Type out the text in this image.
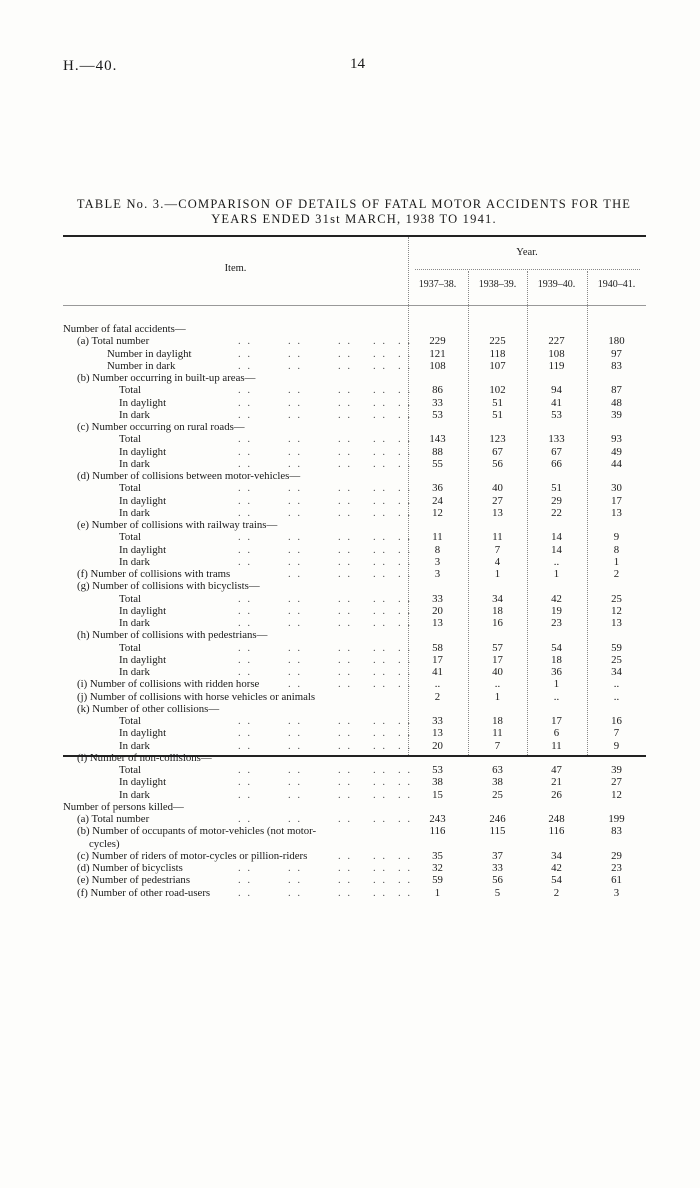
H.—40.	14
TABLE No. 3.—COMPARISON OF DETAILS OF FATAL MOTOR ACCIDENTS FOR THE
YEARS ENDED 31st MARCH, 1938 TO 1941.
Item.
Year.
1937–38.	1938–39.	1939–40.	1940–41.
Number of fatal accidents—
(a) Total number	229	225	227	180
. .	. .	. . . . . .
Number in daylight	121	118	108	97
. .	. .	. . . . . .
Number in dark	108	107	119	83
. .	. .	. . . . . .
(b) Number occurring in built-up areas—
Total	86	102	94	87
. .	. .	. . . . . .
In daylight	33	51	41	48
. .	. .	. . . . . .
In dark	53	51	53	39
. .	. .	. . . . . .
(c) Number occurring on rural roads—
Total	143	123	133	93
. .	. .	. . . . . .
In daylight	88	67	67	49
. .	. .	. . . . . .
In dark	55	56	66	44
. .	. .	. . . . . .
(d) Number of collisions between motor-vehicles—
Total	36	40	51	30
. .	. .	. . . . . .
In daylight	24	27	29	17
. .	. .	. . . . . .
In dark	12	13	22	13
. .	. .	. . . . . .
(e) Number of collisions with railway trains—
Total	11	11	14	9
. .	. .	. . . . . .
In daylight	8	7	14	8
. .	. .	. . . . . .
In dark	3	4	..	1
. .	. .	. . . . . .
(f) Number of collisions with trams	3	1	1	2
. .	. . . . . .
(g) Number of collisions with bicyclists—
Total	33	34	42	25
. .	. .	. . . . . .
In daylight	20	18	19	12
. .	. .	. . . . . .
In dark	13	16	23	13
. .	. .	. . . . . .
(h) Number of collisions with pedestrians—
Total	58	57	54	59
. .	. .	. . . . . .
In daylight	17	17	18	25
. .	. .	. . . . . .
In dark	41	40	36	34
. .	. .	. . . . . .
(i) Number of collisions with ridden horse	..	..	1	..
. .	. . . . . .
(j) Number of collisions with horse vehicles or animals	2	1	..	..
(k) Number of other collisions—
Total	33	18	17	16
. .	. .	. . . . . .
In daylight	13	11	6	7
. .	. .	. . . . . .
In dark	20	7	11	9
. .	. .	. . . . . .
(l) Number of non-collisions—
Total	53	63	47	39
. .	. .	. . . . . .
In daylight	38	38	21	27
. .	. .	. . . . . .
In dark	15	25	26	12
. .	. .	. . . . . .
Number of persons killed—
(a) Total number	243	246	248	199
. .	. .	. . . . . .
(b) Number of occupants of motor-vehicles (not motor-	116	115	116	83
cycles)
(c) Number of riders of motor-cycles or pillion-riders	35	37	34	29
. . . . . .
(d) Number of bicyclists	32	33	42	23
. .	. .	. . . . . .
(e) Number of pedestrians	59	56	54	61
. .	. .	. . . . . .
(f) Number of other road-users	1	5	2	3
. .	. .	. . . . . .
